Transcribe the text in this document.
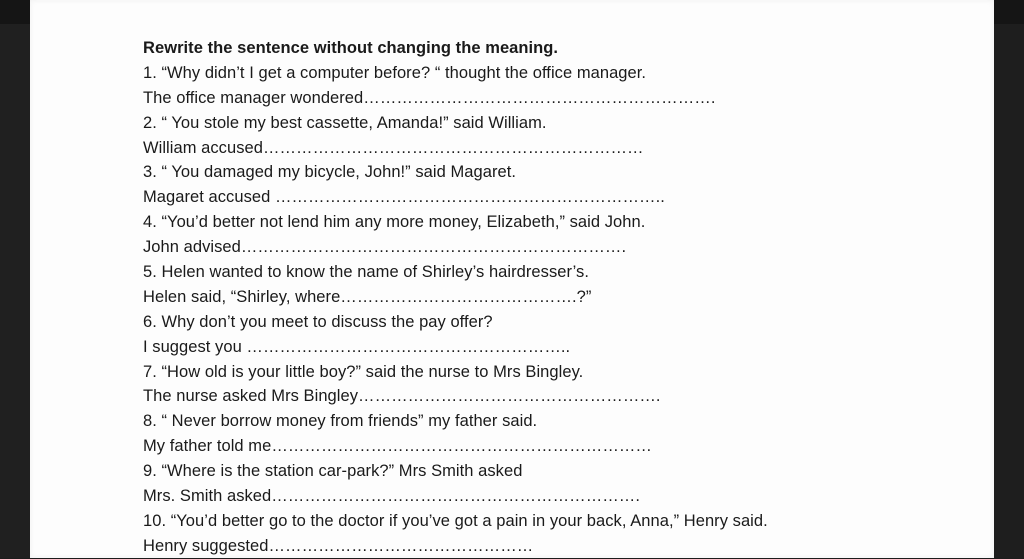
Rewrite the sentence without changing the meaning.
1. “Why didn’t I get a computer before? “ thought the office manager.
The office manager wondered……………………………………………………….
2. “ You stole my best cassette, Amanda!” said William.
William accused……………………………………………………………
3. “ You damaged my bicycle, John!” said Magaret.
Magaret accused ……………………………………………………………..
4. “You’d better not lend him any more money, Elizabeth,” said John.
John advised…………………………………………………………….
5. Helen wanted to know the name of Shirley’s hairdresser’s.
Helen said, “Shirley, where…………………………………….?”
6. Why don’t you meet to discuss the pay offer?
I suggest you …………………………………………………..
7. “How old is your little boy?” said the nurse to Mrs Bingley.
The nurse asked Mrs Bingley……………………………………………….
8. “ Never borrow money from friends” my father said.
My father told me……………………………………………………………
9. “Where is the station car-park?” Mrs Smith asked
Mrs. Smith asked………………………………………………………….
10. “You’d better go to the doctor if you’ve got a pain in your back, Anna,” Henry said.
Henry suggested…………………………………………
